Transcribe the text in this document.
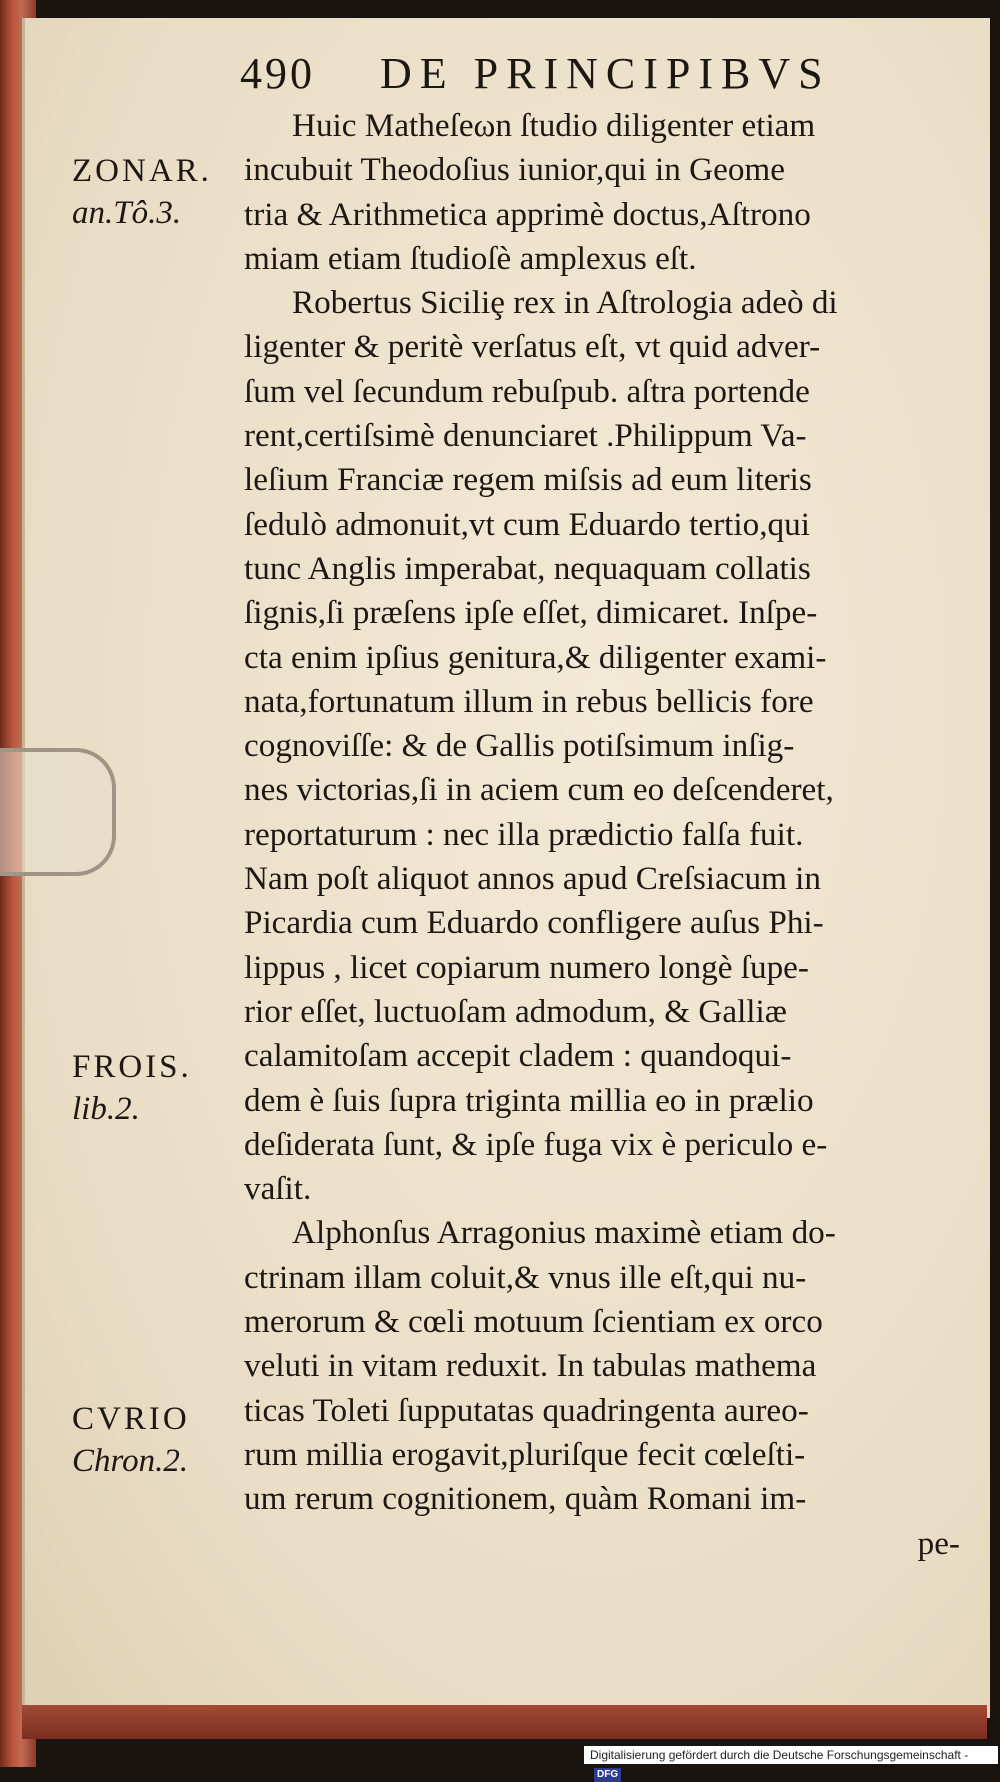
490 DE PRINCIPIBVS
ZONAR.
an.Tô.3.
FROIS.
lib.2.
CVRIO
Chron.2.
Huic Matheſeωn ſtudio diligenter etiam
incubuit Theodoſius iunior,qui in Geome
tria & Arithmetica apprimè doctus,Aſtrono
miam etiam ſtudioſè amplexus eſt.
Robertus Siciliȩ rex in Aſtrologia adeò di
ligenter & peritè verſatus eſt, vt quid adver-
ſum vel ſecundum rebuſpub. aſtra portende
rent,certiſsimè denunciaret .Philippum Va-
leſium Franciæ regem miſsis ad eum literis
ſedulò admonuit,vt cum Eduardo tertio,qui
tunc Anglis imperabat, nequaquam collatis
ſignis,ſi præſens ipſe eſſet, dimicaret. Inſpe-
cta enim ipſius genitura,& diligenter exami-
nata,fortunatum illum in rebus bellicis fore
cognoviſſe: & de Gallis potiſsimum inſig-
nes victorias,ſi in aciem cum eo deſcenderet,
reportaturum : nec illa prædictio falſa fuit.
Nam poſt aliquot annos apud Creſsiacum in
Picardia cum Eduardo confligere auſus Phi-
lippus , licet copiarum numero longè ſupe-
rior eſſet, luctuoſam admodum, & Galliæ
calamitoſam accepit cladem : quandoqui-
dem è ſuis ſupra triginta millia eo in prælio
deſiderata ſunt, & ipſe fuga vix è periculo e-
vaſit.
Alphonſus Arragonius maximè etiam do-
ctrinam illam coluit,& vnus ille eſt,qui nu-
merorum & cœli motuum ſcientiam ex orco
veluti in vitam reduxit. In tabulas mathema
ticas Toleti ſupputatas quadringenta aureo-
rum millia erogavit,pluriſque fecit cœleſti-
um rerum cognitionem, quàm Romani im-
pe-
Digitalisierung gefördert durch die Deutsche Forschungsgemeinschaft -DFG
